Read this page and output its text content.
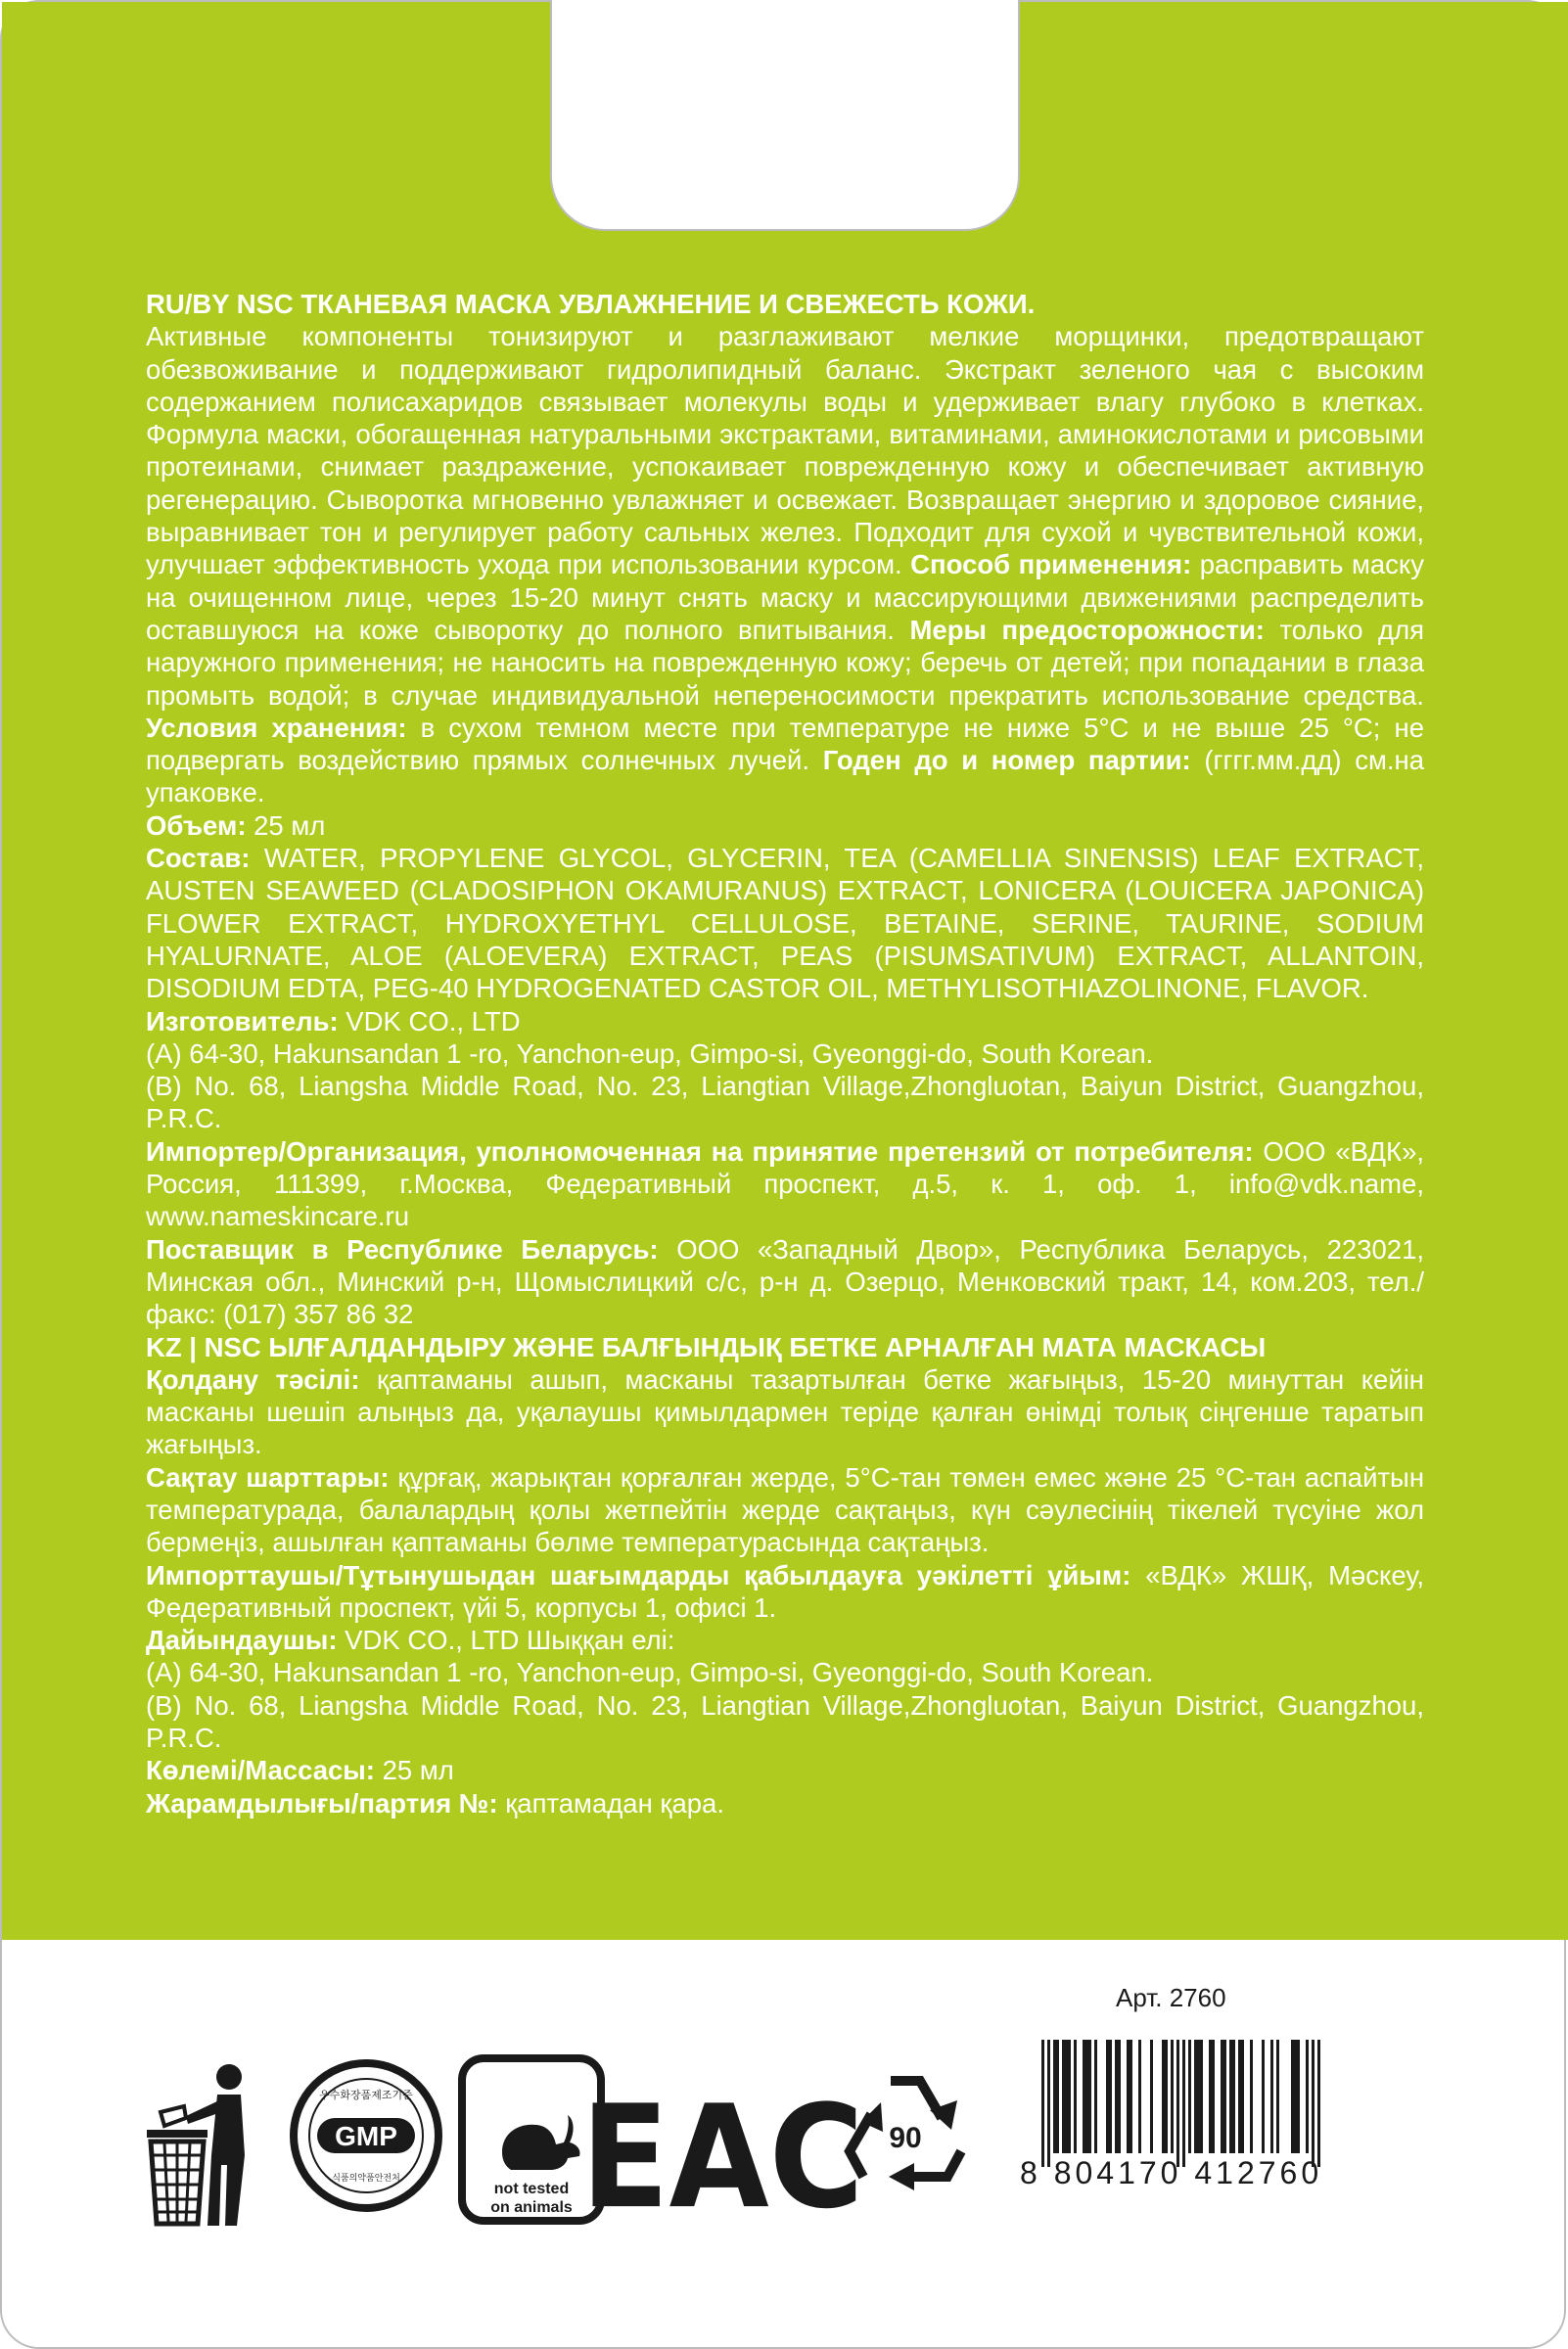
RU/BY NSC ТКАНЕВАЯ МАСКА УВЛАЖНЕНИЕ И СВЕЖЕСТЬ КОЖИ.

Активные компоненты тонизируют и разглаживают мелкие морщинки, предотвращают обезвоживание и поддерживают гидролипидный баланс. Экстракт зеленого чая с высоким содержанием полисахаридов связывает молекулы воды и удерживает влагу глубоко в клетках. Формула маски, обогащенная натуральными экстрактами, витаминами, аминокислотами и рисовыми протеинами, снимает раздражение, успокаивает поврежденную кожу и обеспечивает активную регенерацию. Сыворотка мгновенно увлажняет и освежает. Возвращает энергию и здоровое сияние, выравнивает тон и регулирует работу сальных желез. Подходит для сухой и чувствительной кожи, улучшает эффективность ухода при использовании курсом. Способ применения: расправить маску на очищенном лице, через 15-20 минут снять маску и массирующими движениями распределить оставшуюся на коже сыворотку до полного впитывания. Меры предосторожности: только для наружного применения; не наносить на поврежденную кожу; беречь от детей; при попадании в глаза промыть водой; в случае индивидуальной непереносимости прекратить использование средства. Условия хранения: в сухом темном месте при температуре не ниже 5°С и не выше 25 °С; не подвергать воздействию прямых солнечных лучей. Годен до и номер партии: (гггг.мм.дд) см.на упаковке.

Объем: 25 мл

Состав: WATER, PROPYLENE GLYCOL, GLYCERIN, TEA (CAMELLIA SINENSIS) LEAF EXTRACT, AUSTEN SEAWEED (CLADOSIPHON OKAMURANUS) EXTRACT, LONICERA (LOUICERA JAPONICA) FLOWER EXTRACT, HYDROXYETHYL CELLULOSE, BETAINE, SERINE, TAURINE, SODIUM HYALURNATE, ALOE (ALOEVERA) EXTRACT, PEAS (PISUMSATIVUM) EXTRACT, ALLANTOIN, DISODIUM EDTA, PEG-40 HYDROGENATED CASTOR OIL, METHYLISOTHIAZOLINONE, FLAVOR.

Изготовитель: VDK CO., LTD

(A) 64-30, Hakunsandan 1 -ro, Yanchon-eup, Gimpo-si, Gyeonggi-do, South Korean.

(B) No. 68, Liangsha Middle Road, No. 23, Liangtian Village,Zhongluotan, Baiyun District, Guangzhou, P.R.C.

Импортер/Организация, уполномоченная на принятие претензий от потребителя: ООО «ВДК», Россия, 111399, г.Москва, Федеративный проспект, д.5, к. 1, оф. 1, info@vdk.name, www.nameskincare.ru

Поставщик в Республике Беларусь: ООО «Западный Двор», Республика Беларусь, 223021, Минская обл., Минский р-н, Щомыслицкий с/с, р-н д. Озерцо, Менковский тракт, 14, ком.203, тел./факс: (017) 357 86 32

KZ | NSC ЫЛҒАЛДАНДЫРУ ЖӘНЕ БАЛҒЫНДЫҚ БЕТКЕ АРНАЛҒАН МАТА МАСКАСЫ

Қолдану тәсілі: қаптаманы ашып, масканы тазартылған бетке жағыңыз, 15-20 минуттан кейін масканы шешіп алыңыз да, уқалаушы қимылдармен теріде қалған өнімді толық сіңгенше таратып жағыңыз.

Сақтау шарттары: құрғақ, жарықтан қорғалған жерде, 5°С-тан төмен емес және 25 °С-тан аспайтын температурада, балалардың қолы жетпейтін жерде сақтаңыз, күн сәулесінің тікелей түсуіне жол бермеңіз, ашылған қаптаманы бөлме температурасында сақтаңыз.

Импорттаушы/Тұтынушыдан шағымдарды қабылдауға уәкілетті ұйым: «ВДК» ЖШҚ, Мәскеу, Федеративный проспект, үйі 5, корпусы 1, офисі 1.

Дайындаушы: VDK CO., LTD Шыққан елі:

(A) 64-30, Hakunsandan 1 -ro, Yanchon-eup, Gimpo-si, Gyeonggi-do, South Korean.

(B) No. 68, Liangsha Middle Road, No. 23, Liangtian Village,Zhongluotan, Baiyun District, Guangzhou, P.R.C.

Көлемі/Массасы: 25 мл

Жарамдылығы/партия №: қаптамадан қара.

Арт. 2760
우수화장품제조기준
GMP
식품의약품안전처
not tested
on animals EAC 90
8 804170 412760
